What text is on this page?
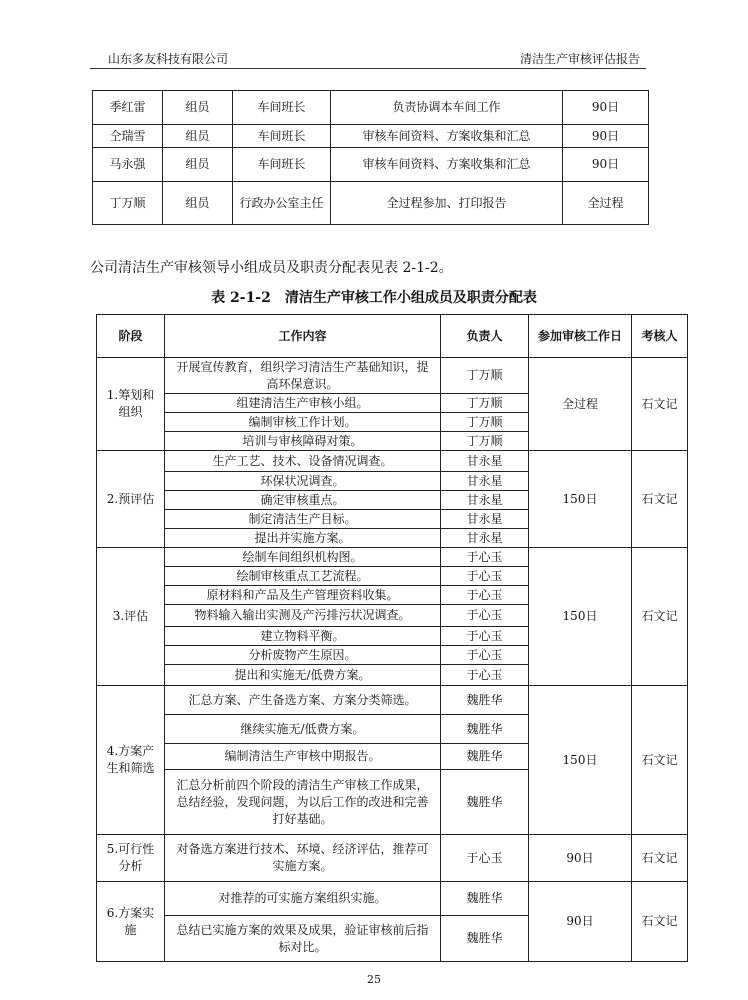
山东多友科技有限公司	清洁生产审核评估报告
季红雷	组员	车间班长	负责协调本车间工作	90日
仝瑞雪	组员	车间班长	审核车间资料、方案收集和汇总	90日
马永强	组员	车间班长	审核车间资料、方案收集和汇总	90日
丁万顺	组员	行政办公室主任	全过程参加、打印报告	全过程
公司清洁生产审核领导小组成员及职责分配表见表 2-1-2。
表 2-1-2　清洁生产审核工作小组成员及职责分配表
阶段	工作内容	负责人	参加审核工作日	考核人
1.筹划和组织	开展宣传教育，组织学习清洁生产基础知识，提高环保意识。	丁万顺	全过程	石文记
	组建清洁生产审核小组。	丁万顺		
	编制审核工作计划。	丁万顺		
	培训与审核障碍对策。	丁万顺		
2.预评估	生产工艺、技术、设备情况调查。	甘永星	150日	石文记
	环保状况调查。	甘永星		
	确定审核重点。	甘永星		
	制定清洁生产目标。	甘永星		
	提出并实施方案。	甘永星		
3.评估	绘制车间组织机构图。	于心玉	150日	石文记
	绘制审核重点工艺流程。	于心玉		
	原材料和产品及生产管理资料收集。	于心玉		
	物料输入输出实测及产污排污状况调查。	于心玉		
	建立物料平衡。	于心玉		
	分析废物产生原因。	于心玉		
	提出和实施无/低费方案。	于心玉		
4.方案产生和筛选	汇总方案、产生备选方案、方案分类筛选。	魏胜华	150日	石文记
	继续实施无/低费方案。	魏胜华		
	编制清洁生产审核中期报告。	魏胜华		
	汇总分析前四个阶段的清洁生产审核工作成果，总结经验，发现问题，为以后工作的改进和完善打好基础。	魏胜华		
5.可行性分析	对备选方案进行技术、环境、经济评估，推荐可实施方案。	于心玉	90日	石文记
6.方案实施	对推荐的可实施方案组织实施。	魏胜华	90日	石文记
	总结已实施方案的效果及成果，验证审核前后指标对比。	魏胜华		
25
